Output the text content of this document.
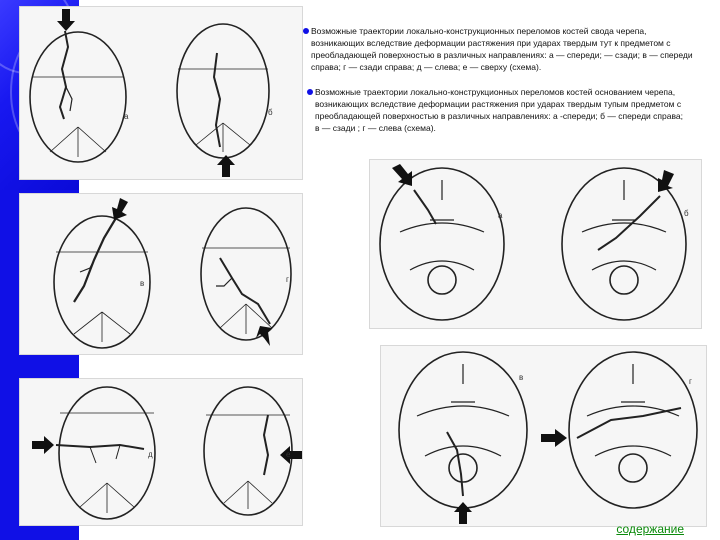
Возможные траектории локально-конструкционных переломов костей свода черепа, возникающих вследствие деформации растяжения при ударах твердым тут к предметом с преобладающей поверхностью в различных направлениях: а — спереди; — сзади; в — спереди справа; г — сзади справа; д — слева; е — сверху (схема).

Возможные траектории локально-конструкционных переломов костей основанием черепа, возникающих вследствие деформации растяжения при ударах твердым тупым предметом с преобладающей поверхностью в различных направлениях: а -спереди; б — спереди справа; в — сзади ; г — слева (схема).

а	б
в	г
д	е
а	б
в	г
содержание
